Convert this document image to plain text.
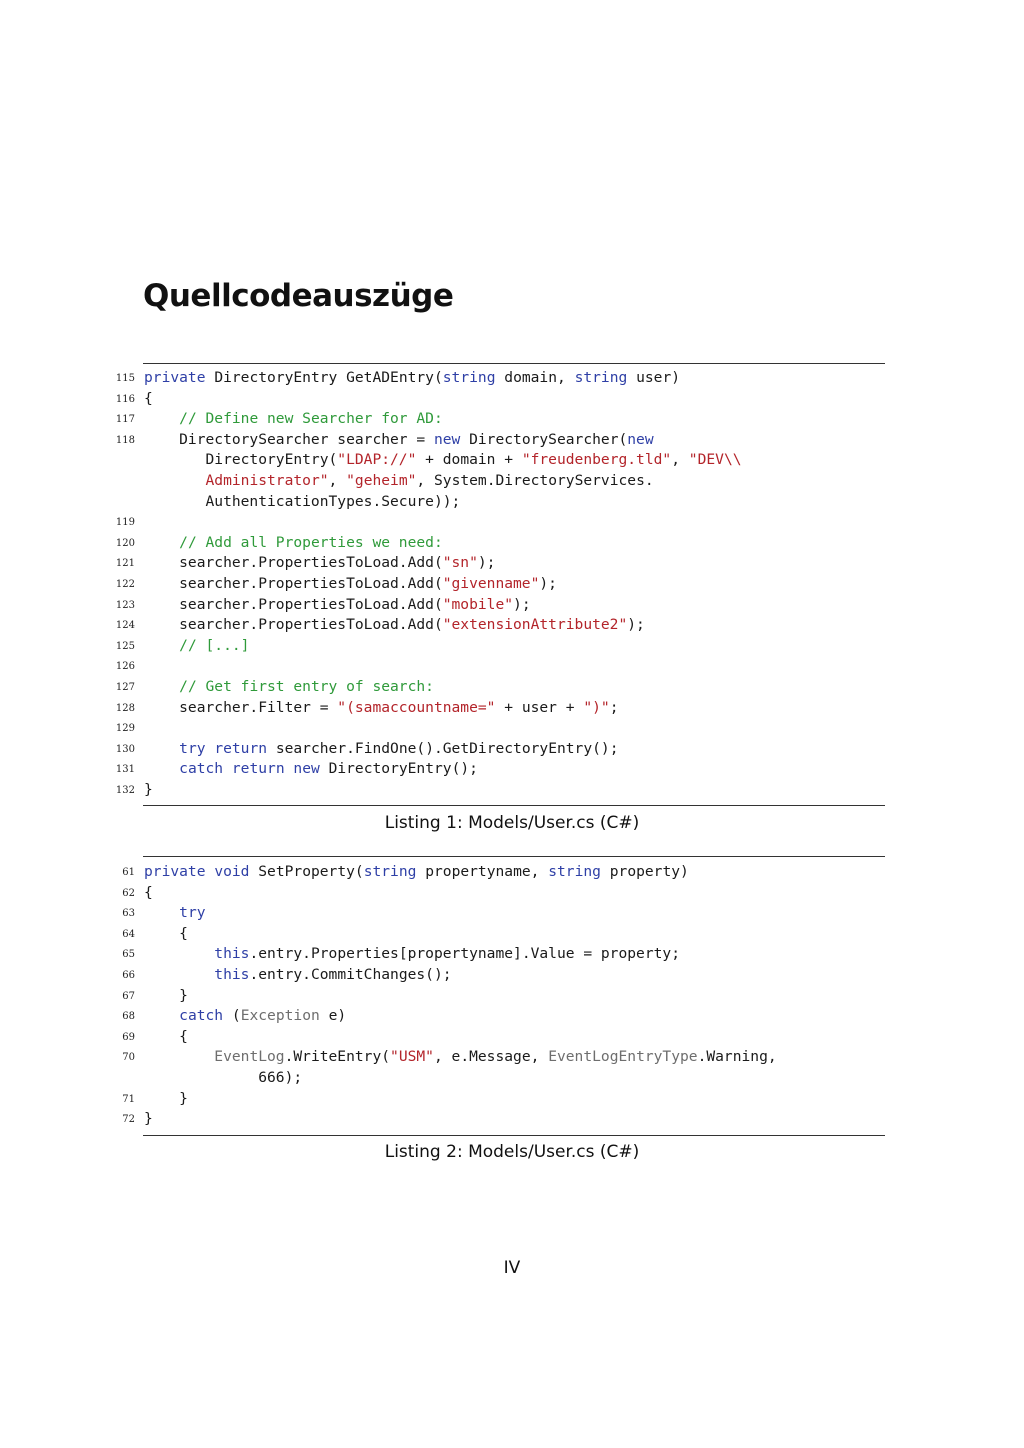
Quellcodeauszüge
115 private DirectoryEntry GetADEntry(string domain, string user)
116 {
117	// Define new Searcher for AD:
118 DirectorySearcher searcher = new DirectorySearcher(new
DirectoryEntry("LDAP://" + domain + "freudenberg.tld", "DEV\\
Administrator", "geheim", System.DirectoryServices.
AuthenticationTypes.Secure));
119
120	// Add all Properties we need:
121 searcher.PropertiesToLoad.Add("sn");
122 searcher.PropertiesToLoad.Add("givenname");
123 searcher.PropertiesToLoad.Add("mobile");
124 searcher.PropertiesToLoad.Add("extensionAttribute2");
125	// [...]
126
127	// Get first entry of search:
128 searcher.Filter = "(samaccountname=" + user + ")";
129
130	try return searcher.FindOne().GetDirectoryEntry();
131	catch return new DirectoryEntry();
132 }
Listing 1: Models/User.cs (C#)
61 private void SetProperty(string propertyname, string property)
62 {
63	try
64 {
65	this.entry.Properties[propertyname].Value = property;
66	this.entry.CommitChanges();
67 }
68	catch (Exception e)
69 {
70	EventLog.WriteEntry("USM", e.Message, EventLogEntryType.Warning,
666);
71 }
72 }
Listing 2: Models/User.cs (C#)
IV
